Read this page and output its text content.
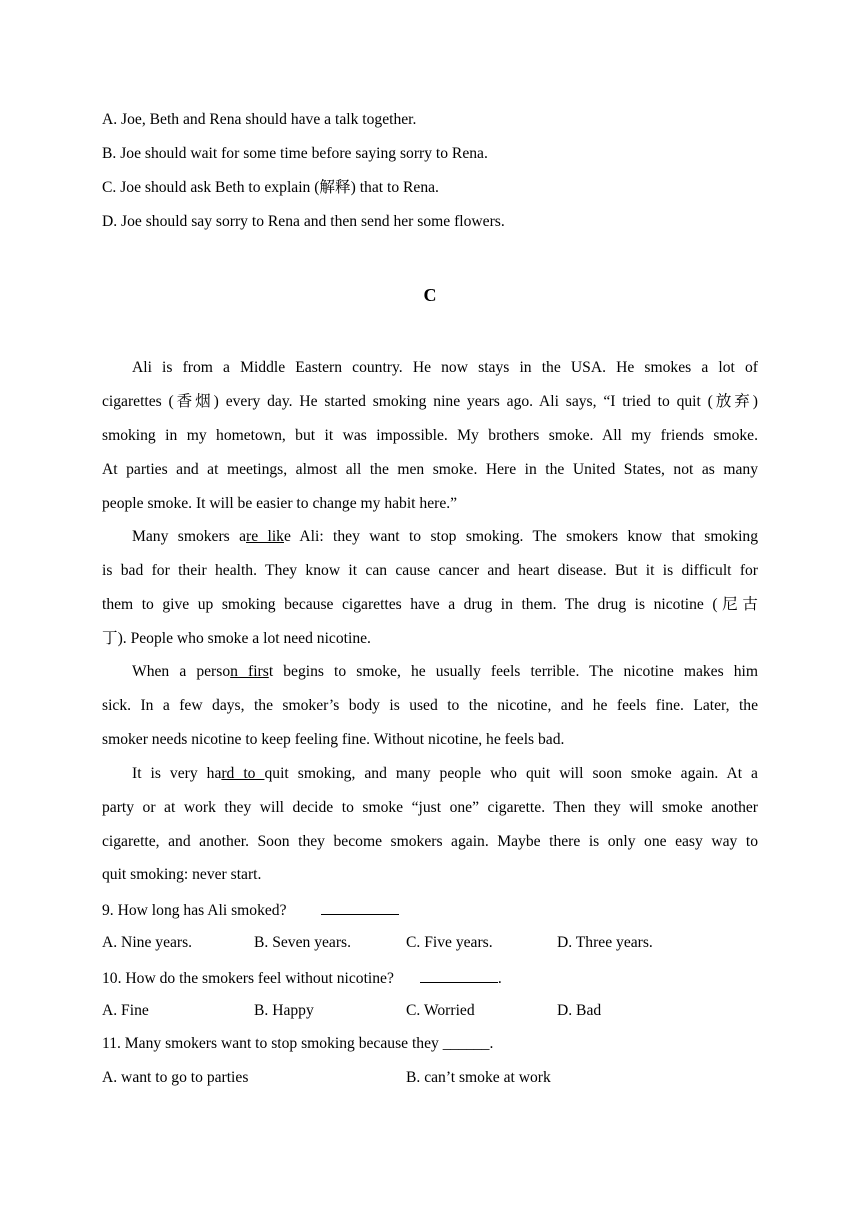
A. Joe, Beth and Rena should have a talk together.
B. Joe should wait for some time before saying sorry to Rena.
C. Joe should ask Beth to explain (解释) that to Rena.
D. Joe should say sorry to Rena and then send her some flowers.
C
Ali is from a Middle Eastern country. He now stays in the USA. He smokes a lot of
cigarettes (香烟) every day. He started smoking nine years ago. Ali says, “I tried to quit (放弃)
smoking in my hometown, but it was impossible. My brothers smoke. All my friends smoke.
At parties and at meetings, almost all the men smoke. Here in the United States, not as many
people smoke. It will be easier to change my habit here.”
Many smokers are like Ali: they want to stop smoking. The smokers know that smoking
is bad for their health. They know it can cause cancer and heart disease. But it is difficult for
them to give up smoking because cigarettes have a drug in them. The drug is nicotine (尼古
丁). People who smoke a lot need nicotine.
When a person first begins to smoke, he usually feels terrible. The nicotine makes him
sick. In a few days, the smoker’s body is used to the nicotine, and he feels fine. Later, the
smoker needs nicotine to keep feeling fine. Without nicotine, he feels bad.
It is very hard to quit smoking, and many people who quit will soon smoke again. At a
party or at work they will decide to smoke “just one” cigarette. Then they will smoke another
cigarette, and another. Soon they become smokers again. Maybe there is only one easy way to
quit smoking: never start.
9. How long has Ali smoked?
A. Nine years.	B. Seven years.	C. Five years.	D. Three years.
10. How do the smokers feel without nicotine?	.
A. Fine	B. Happy	C. Worried	D. Bad
11. Many smokers want to stop smoking because they ______.
A. want to go to parties	B. can’t smoke at work
